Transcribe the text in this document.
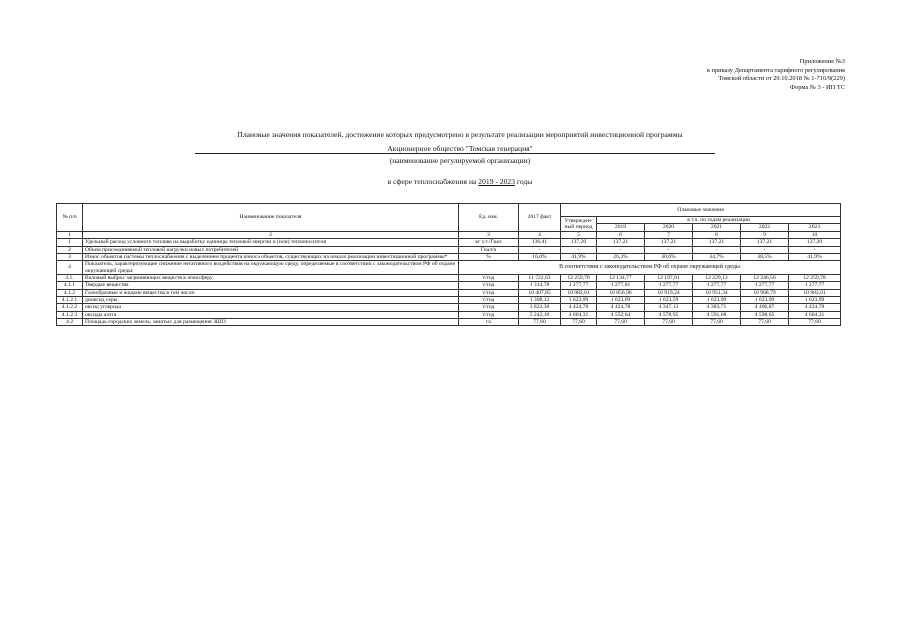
Приложение №3
к приказу Департамента тарифного регулирования
Томской области от 29.10.2018 № 1-716/9(229)
Форма № 3 - ИП ТС
Плановые значения показателей, достижение которых предусмотрено в результате реализации мероприятий инвестиционной программы
Акционерное общество "Томская генерация"
(наименование регулируемой организации)
в сфере теплоснабжения на 2019 - 2023 годы
№ п/п	Наименование показателя	Ед. изм.	2017 факт	Плановые значения					
				Утвержден-ный период	в т.ч. по годам реализации				
					2019	2020	2021	2022	2023
1	2	3	4	5	6	7	8	9	10
1	Удельный расход условного топлива на выработку единицы тепловой энергии и (или) теплоносителя	кг у.т./Гкал	136,41	137,20	137,21	137,21	137,21	137,21	137,20
2	Объем присоединяемой тепловой нагрузки новых потребителей	Гкал/ч	-	-	-	-	-	-	-
3	Износ объектов системы теплоснабжения с выделением процента износа объектов, существующих на начало реализации инвестиционной программы*	%	16,0%	41,9%	26,3%	30,6%	34,7%	38,5%	41,9%
4	Показатель, характеризующие снижение негативного воздействия на окружающую среду, определяемые в соответствии с законодательством РФ об охране окружающей среды:	В соответствии с законодательством РФ об охране окружающей среды							
4.1.	Валовый выброс загрязняющих веществ в атмосферу	т/год	11 722,63	12 259,78	12 134,77	12 197,01	12 229,13	12 246,56	12 259,78
4.1.1	Твердые вещества	т/год	1 314,78	1 277,77	1 277,81	1 277,77	1 277,77	1 277,77	1 277,77
4.1.2	Газообразные и жидкие вещества в том числе:	т/год	10 407,85	10 982,01	10 856,96	10 919,24	10 951,34	10 968,79	10 982,01
4.1.2.1	диоксид серы	т/год	1 308,12	1 623,99	1 623,69	1 623,59	1 623,99	1 623,99	1 623,99
4.1.2.2	оксид углерода	т/год	3 822,30	4 424,78	4 424,78	4 347,13	4 383,71	4 406,87	4 424,78
4.1.2.3	оксиды азота	т/год	5 242,10	4 604,31	4 552,64	4 578,95	4 591,68	4 598,65	4 604,31
4.2	Площадь городских земель, занятых для размещения ЗШО	га	77,60	77,60	77,60	77,60	77,60	77,60	77,60
